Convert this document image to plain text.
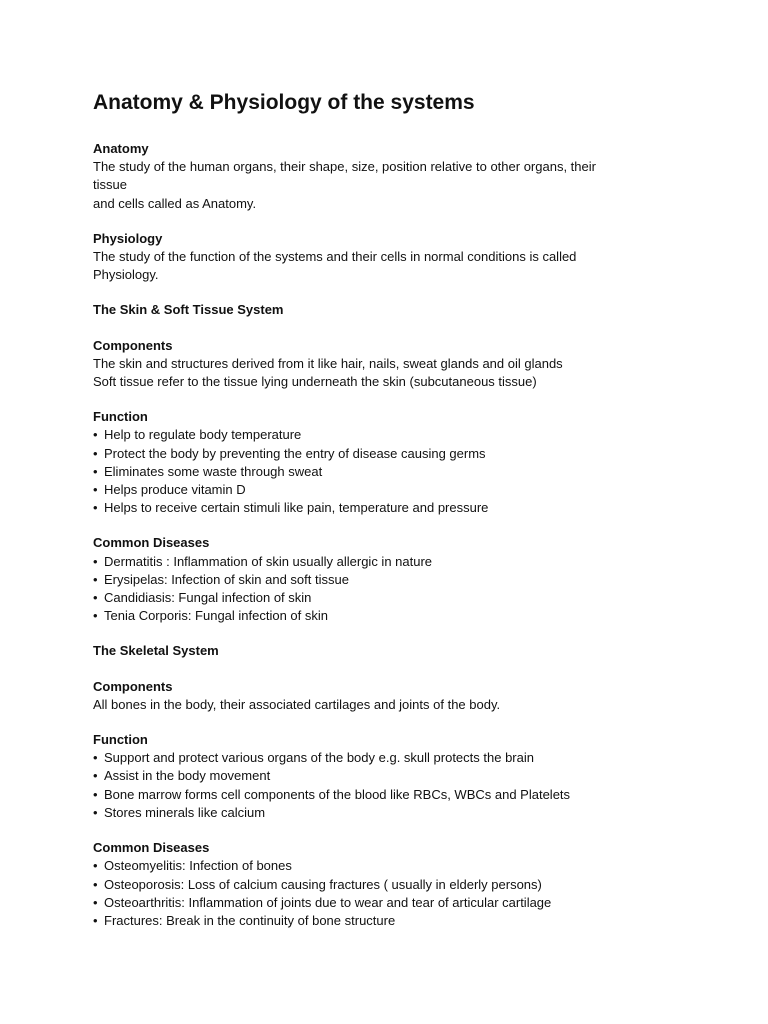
Anatomy & Physiology of the systems

Anatomy

The study of the human organs, their shape, size, position relative to other organs, their

tissue

and cells called as Anatomy.

Physiology

The study of the function of the systems and their cells in normal conditions is called

Physiology.

The Skin & Soft Tissue System

Components

The skin and structures derived from it like hair, nails, sweat glands and oil glands

Soft tissue refer to the tissue lying underneath the skin (subcutaneous tissue)

Function

• Help to regulate body temperature
• Protect the body by preventing the entry of disease causing germs
• Eliminates some waste through sweat
• Helps produce vitamin D
• Helps to receive certain stimuli like pain, temperature and pressure

Common Diseases

• Dermatitis : Inflammation of skin usually allergic in nature
• Erysipelas: Infection of skin and soft tissue
• Candidiasis: Fungal infection of skin
• Tenia Corporis: Fungal infection of skin

The Skeletal System

Components

All bones in the body, their associated cartilages and joints of the body.

Function

• Support and protect various organs of the body e.g. skull protects the brain
• Assist in the body movement
• Bone marrow forms cell components of the blood like RBCs, WBCs and Platelets
• Stores minerals like calcium

Common Diseases

• Osteomyelitis: Infection of bones
• Osteoporosis: Loss of calcium causing fractures ( usually in elderly persons)
• Osteoarthritis: Inflammation of joints due to wear and tear of articular cartilage
• Fractures: Break in the continuity of bone structure
